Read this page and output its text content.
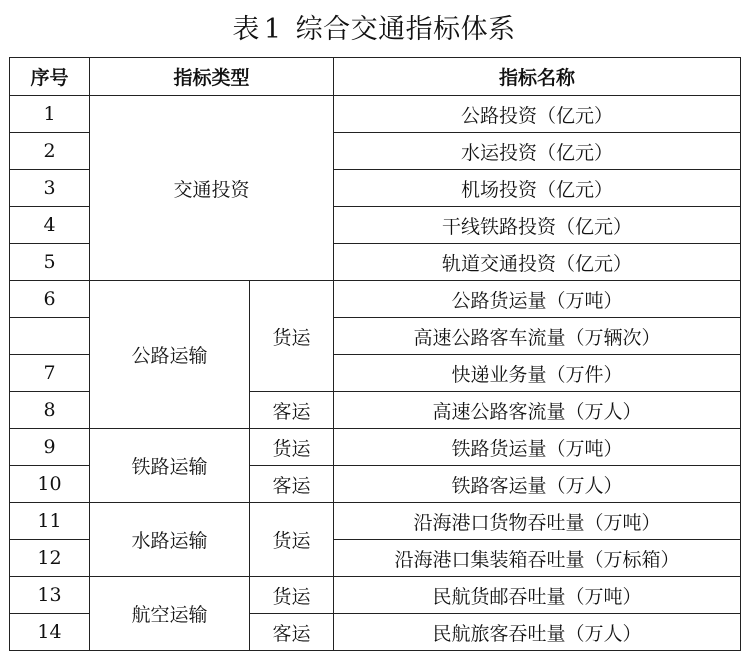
表 1 综合交通指标体系
序号	指标类型		指标名称
1	交通投资		公路投资（亿元）
2			水运投资（亿元）
3			机场投资（亿元）
4			干线铁路投资（亿元）
5			轨道交通投资（亿元）
6	公路运输	货运	公路货运量（万吨）
			高速公路客车流量（万辆次）
7			快递业务量（万件）
8		客运	高速公路客流量（万人）
9	铁路运输	货运	铁路货运量（万吨）
10		客运	铁路客运量（万人）
11	水路运输	货运	沿海港口货物吞吐量（万吨）
12			沿海港口集装箱吞吐量（万标箱）
13	航空运输	货运	民航货邮吞吐量（万吨）
14		客运	民航旅客吞吐量（万人）
